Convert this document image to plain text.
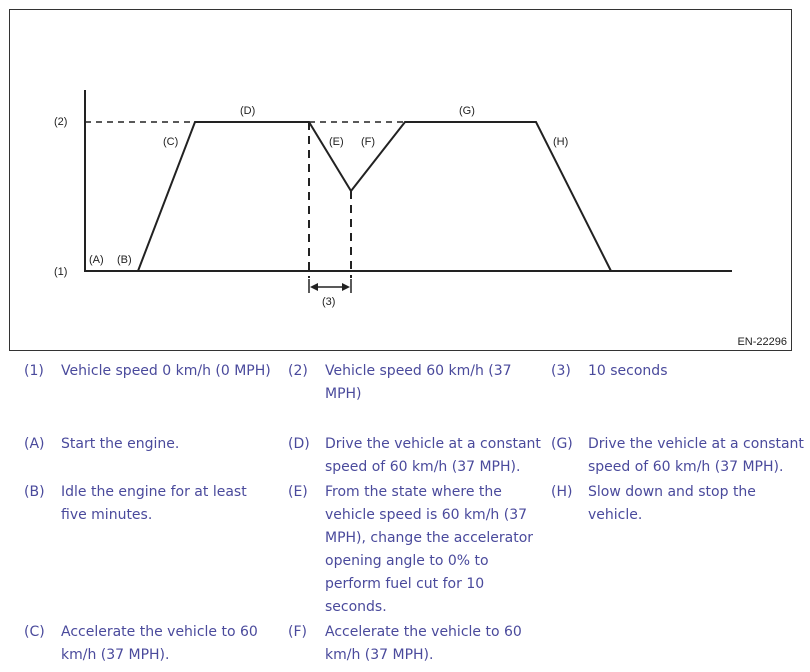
(2)
(1)
(A) (B)
(C)
(D)
(E) (F)
(G)
(H)
(3)
EN-22296
(1) Vehicle speed 0 km/h (0 MPH)	(2) Vehicle speed 60 km/h (37 MPH)
(3) 10 seconds
(A) Start the engine.	(D) Drive the vehicle at a constant speed of 60 km/h (37 MPH).
(G) Drive the vehicle at a constant speed of 60 km/h (37 MPH).
(B) Idle the engine for at least five minutes.
(E) From the state where the vehicle speed is 60 km/h (37 MPH), change the accelerator opening angle to 0% to perform fuel cut for 10 seconds.
(H) Slow down and stop the vehicle.
(C) Accelerate the vehicle to 60 km/h (37 MPH).
(F) Accelerate the vehicle to 60 km/h (37 MPH).
